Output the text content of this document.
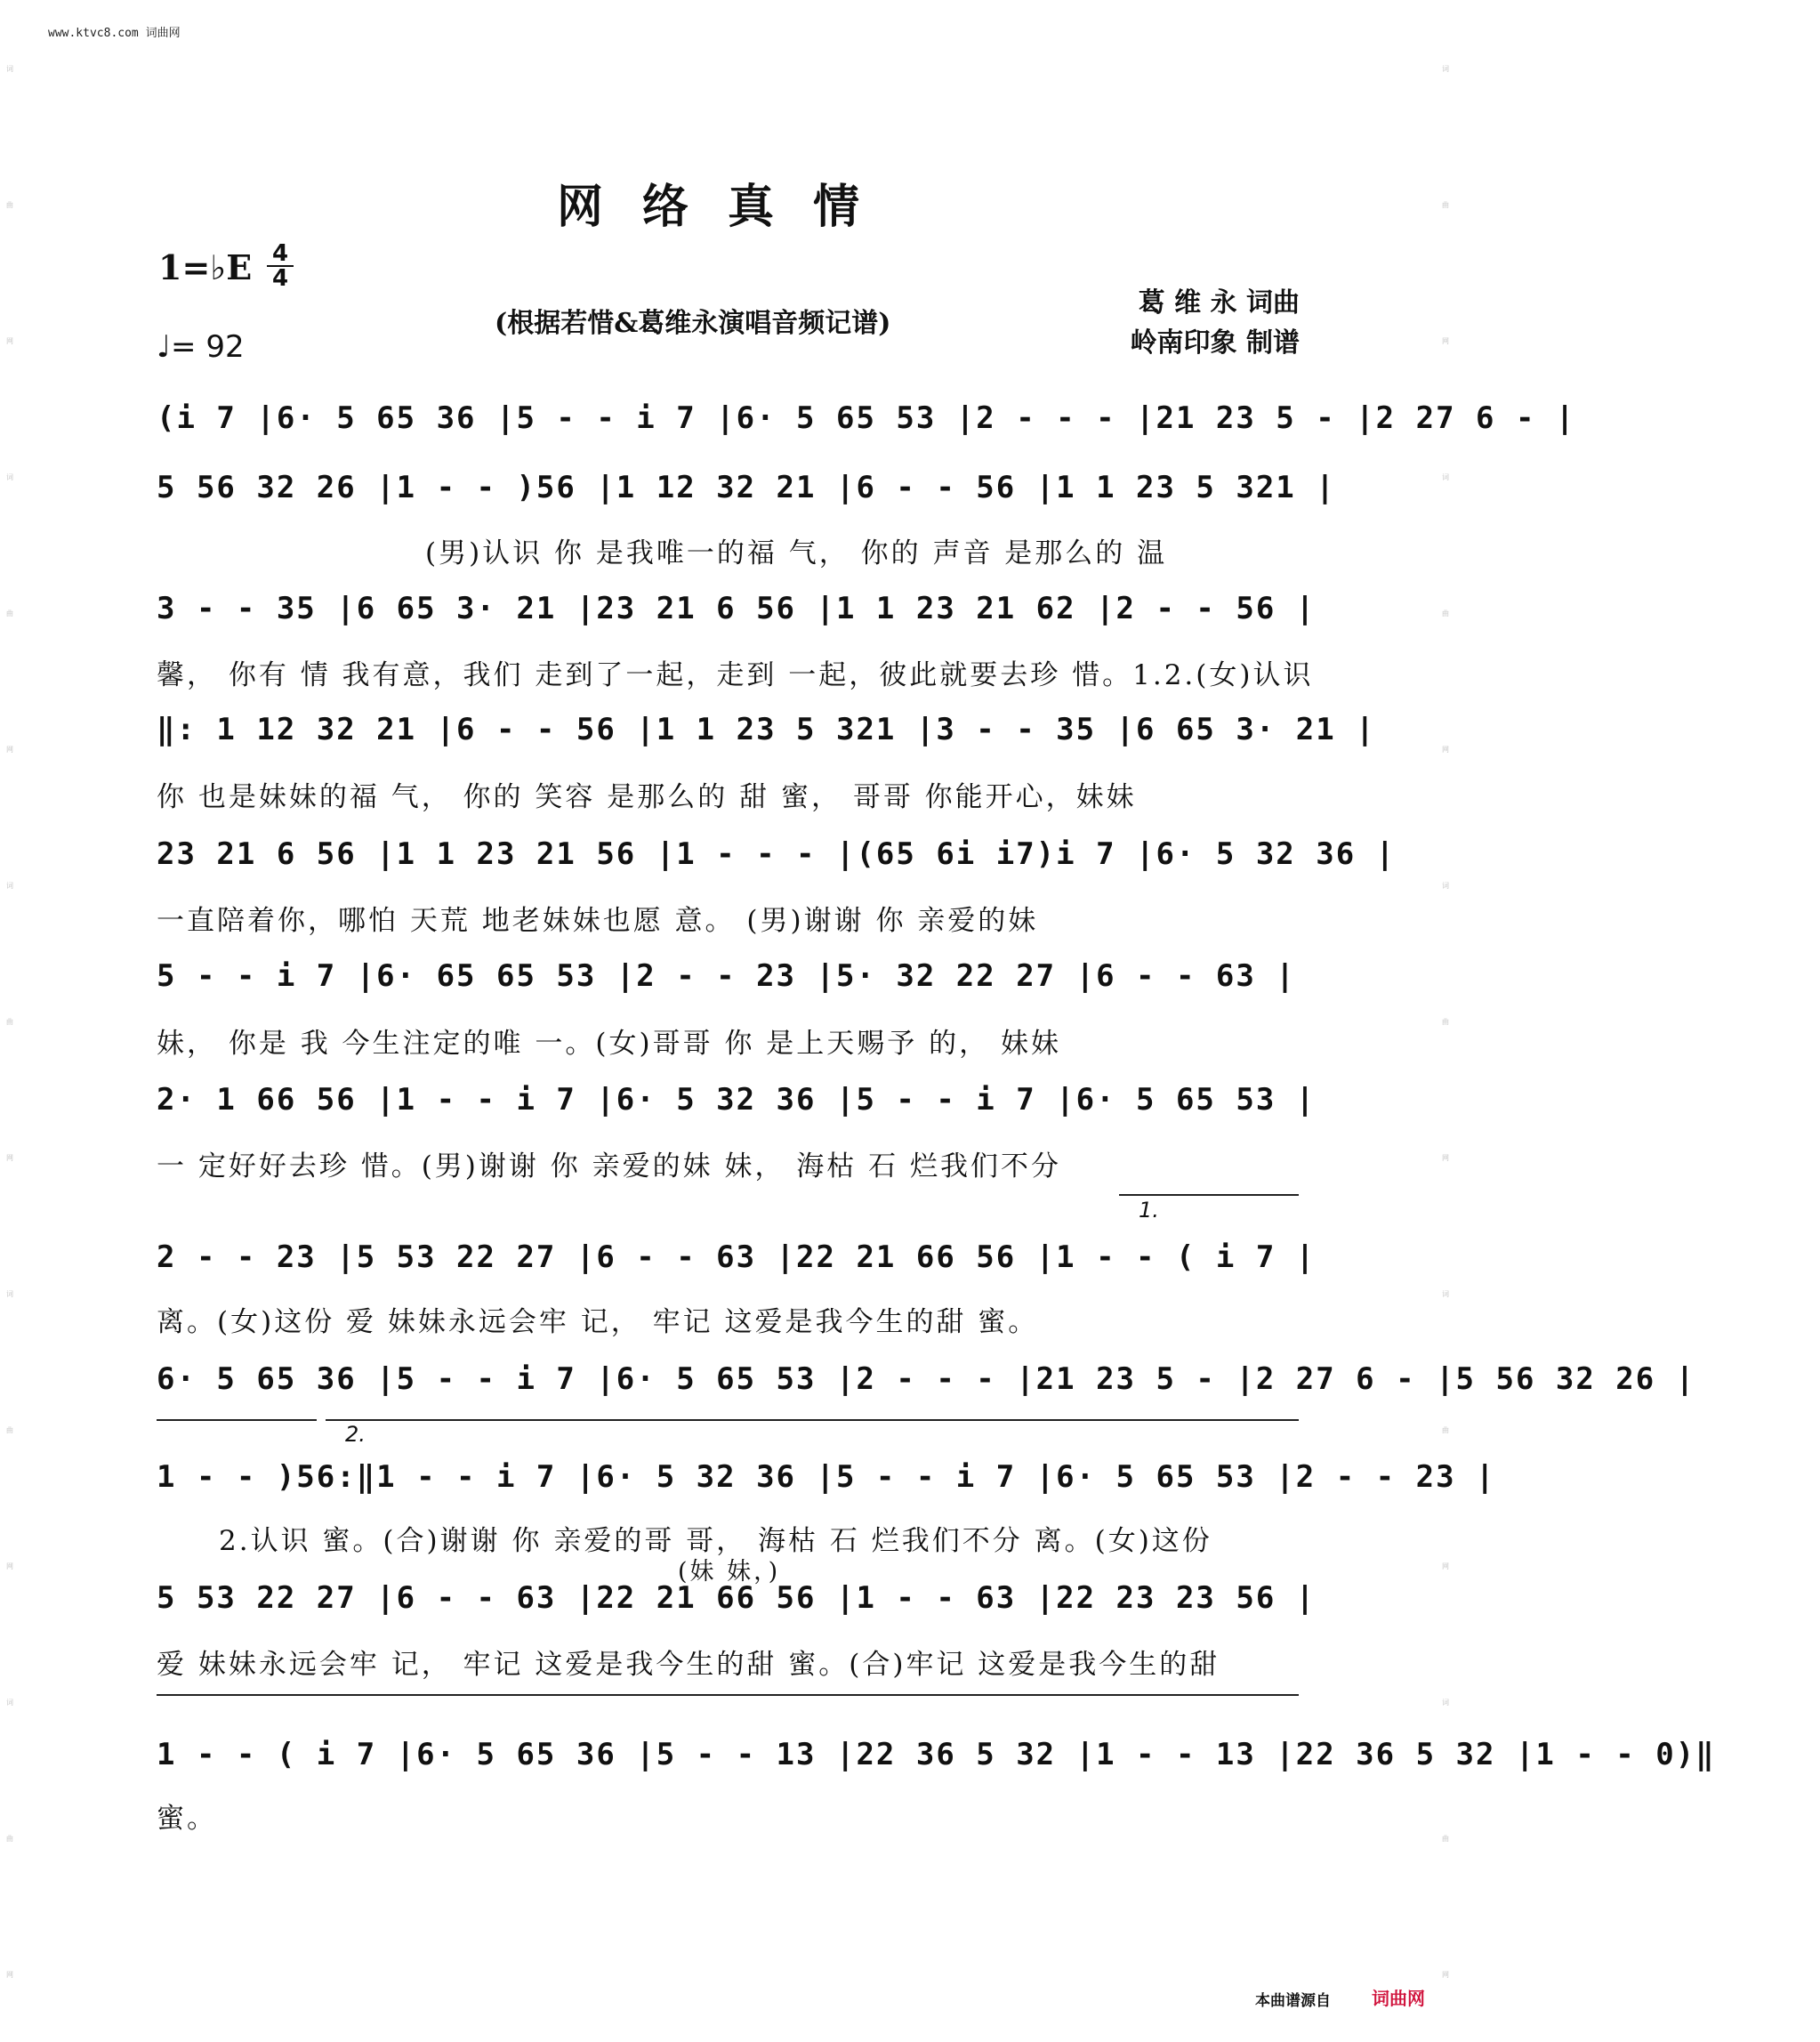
词
曲
网
词
曲
网
词
曲
网
词
曲
网
词
曲
网
词
曲
网
词
曲
网
词
曲
网
词
曲
网
词
曲
网
www.ktvc8.com 词曲网
网络真情
1=♭E 4
4
♩= 92
(根据若惜&葛维永演唱音频记谱)
葛 维 永 词曲
岭南印象 制谱
(i 7 |6· 5 65 36 |5 - - i 7 |6· 5 65 53 |2 - - - |21 23 5 - |2 27 6 - |
5 56 32 26 |1 - - )56 |1 12 32 21 |6 - - 56 |1 1 23 5 321 |
(男)认识 你 是我唯一的福 气， 你的 声音 是那么的 温
3 - - 35 |6 65 3· 21 |23 21 6 56 |1 1 23 21 62 |2 - - 56 |
馨， 你有 情 我有意，我们 走到了一起，走到 一起，彼此就要去珍 惜。1.2.(女)认识
‖: 1 12 32 21 |6 - - 56 |1 1 23 5 321 |3 - - 35 |6 65 3· 21 |
你 也是妹妹的福 气， 你的 笑容 是那么的 甜 蜜， 哥哥 你能开心，妹妹
23 21 6 56 |1 1 23 21 56 |1 - - - |(65 6i i7)i 7 |6· 5 32 36 |
一直陪着你，哪怕 天荒 地老妹妹也愿 意。 (男)谢谢 你 亲爱的妹
5 - - i 7 |6· 65 65 53 |2 - - 23 |5· 32 22 27 |6 - - 63 |
妹， 你是 我 今生注定的唯 一。(女)哥哥 你 是上天赐予 的， 妹妹
2· 1 66 56 |1 - - i 7 |6· 5 32 36 |5 - - i 7 |6· 5 65 53 |
一 定好好去珍 惜。(男)谢谢 你 亲爱的妹 妹， 海枯 石 烂我们不分
1.
2 - - 23 |5 53 22 27 |6 - - 63 |22 21 66 56 |1 - - ( i 7 |
离。(女)这份 爱 妹妹永远会牢 记， 牢记 这爱是我今生的甜 蜜。
6· 5 65 36 |5 - - i 7 |6· 5 65 53 |2 - - - |21 23 5 - |2 27 6 - |5 56 32 26 |
2.
1 - - )56:‖1 - - i 7 |6· 5 32 36 |5 - - i 7 |6· 5 65 53 |2 - - 23 |
2.认识 蜜。(合)谢谢 你 亲爱的哥 哥， 海枯 石 烂我们不分 离。(女)这份
(妹 妹，)
5 53 22 27 |6 - - 63 |22 21 66 56 |1 - - 63 |22 23 23 56 |
爱 妹妹永远会牢 记， 牢记 这爱是我今生的甜 蜜。(合)牢记 这爱是我今生的甜
1 - - ( i 7 |6· 5 65 36 |5 - - 13 |22 36 5 32 |1 - - 13 |22 36 5 32 |1 - - 0)‖
蜜。
本曲谱源自 词曲网
